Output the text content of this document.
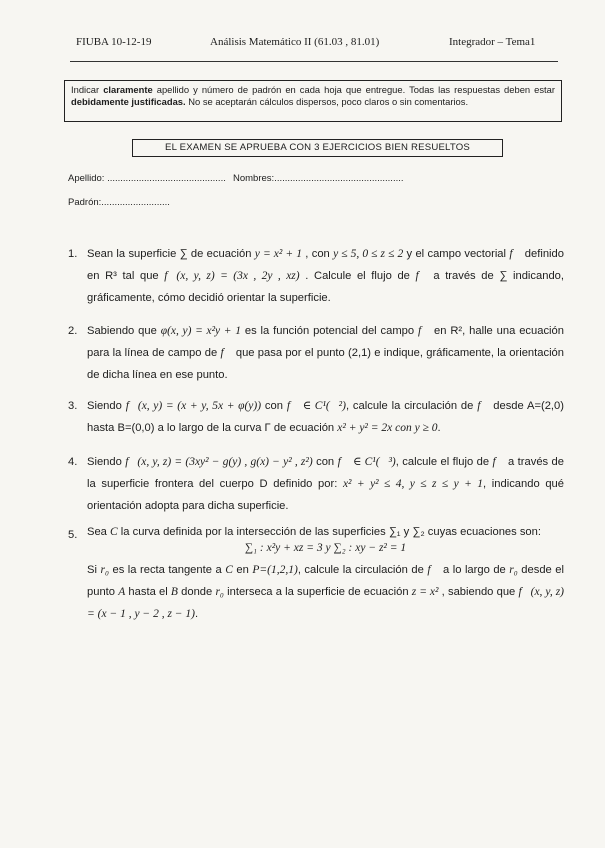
FIUBA 10-12-19	Análisis Matemático II (61.03 , 81.01)	Integrador – Tema1
Indicar claramente apellido y número de padrón en cada hoja que entregue. Todas las respuestas deben estar debidamente justificadas. No se aceptarán cálculos dispersos, poco claros o sin comentarios.
EL EXAMEN SE APRUEBA CON 3 EJERCICIOS BIEN RESUELTOS
Apellido: ............................................. Nombres:.................................................
Padrón:..........................
1. Sean la superficie ∑ de ecuación y = x² + 1 , con y ≤ 5, 0 ≤ z ≤ 2 y el campo vectorial f⃗ definido en R³ tal que f⃗(x, y, z) = (3x , 2y , xz) . Calcule el flujo de f⃗ a través de ∑ indicando, gráficamente, cómo decidió orientar la superficie.
2. Sabiendo que φ(x, y) = x²y + 1 es la función potencial del campo f⃗ en R², halle una ecuación para la línea de campo de f⃗ que pasa por el punto (2,1) e indique, gráficamente, la orientación de dicha línea en ese punto.
3. Siendo f⃗(x, y) = (x + y, 5x + φ(y)) con f⃗ ∈ C¹(ℜ²), calcule la circulación de f⃗ desde A=(2,0) hasta B=(0,0) a lo largo de la curva Γ de ecuación x² + y² = 2x con y ≥ 0.
4. Siendo f⃗(x, y, z) = (3xy² − g(y) , g(x) − y² , z²) con f⃗ ∈ C¹(ℜ³), calcule el flujo de f⃗ a través de la superficie frontera del cuerpo D definido por: x² + y² ≤ 4, y ≤ z ≤ y + 1, indicando qué orientación adopta para dicha superficie.
5. Sea C la curva definida por la intersección de las superficies ∑₁ y ∑₂ cuyas ecuaciones son:
∑₁ : x²y + xz = 3 y ∑₂ : xy − z² = 1
Si r₀ es la recta tangente a C en P=(1,2,1), calcule la circulación de f⃗ a lo largo de r₀ desde el punto A hasta el B donde r₀ interseca a la superficie de ecuación z = x² , sabiendo que f⃗(x, y, z) = (x − 1 , y − 2 , z − 1).
